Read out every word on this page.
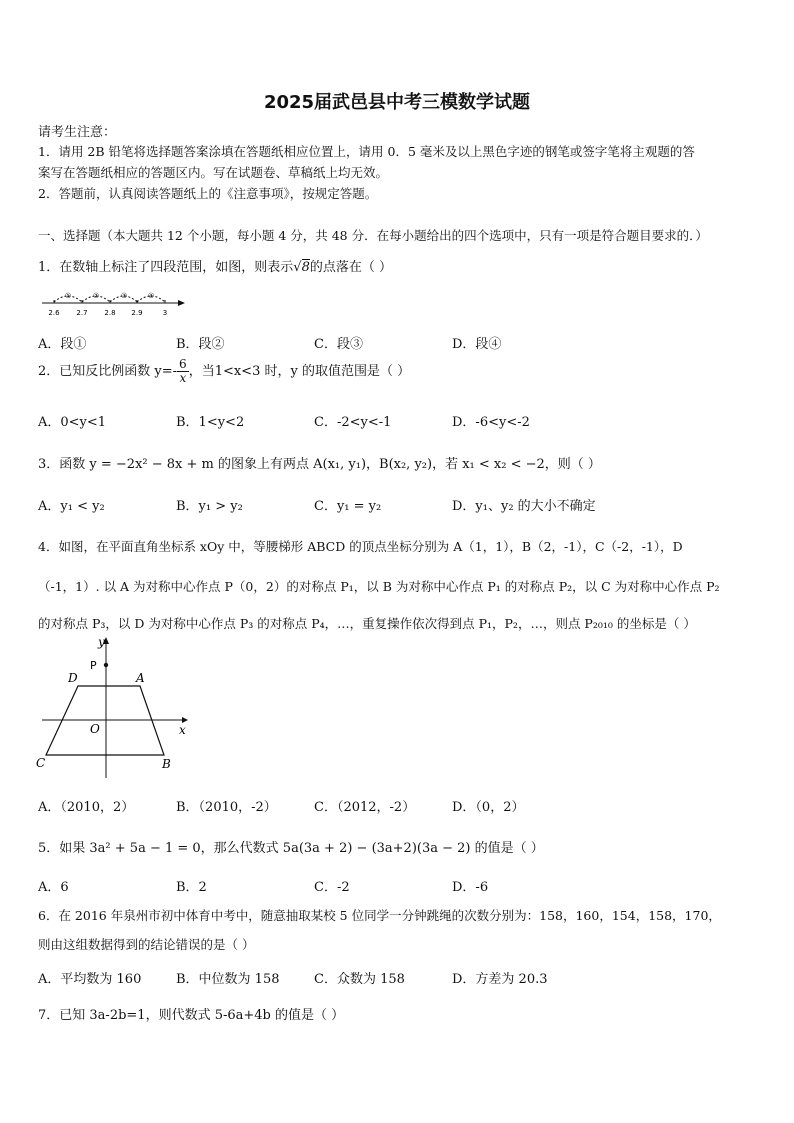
2025届武邑县中考三模数学试题
请考生注意：
1．请用 2B 铅笔将选择题答案涂填在答题纸相应位置上，请用 0．5 毫米及以上黑色字迹的钢笔或签字笔将主观题的答
案写在答题纸相应的答题区内。写在试题卷、草稿纸上均无效。
2．答题前，认真阅读答题纸上的《注意事项》，按规定答题。
一、选择题（本大题共 12 个小题，每小题 4 分，共 48 分．在每小题给出的四个选项中，只有一项是符合题目要求的．）
1．在数轴上标注了四段范围，如图，则表示√8的点落在（ ）
①	②	③	④
2.6 2.7 2.8 2.9	3
A．段①	B．段②	C．段③	D．段④
2．已知反比例函数 $y=- \frac{6}{x}$ ，当1<x<3 时，y 的取值范围是（ ）
A．0<y<1	B．1<y<2	C．-2<y<-1	D．-6<y<-2
3．函数 y = −2x² − 8x + m 的图象上有两点 A(x₁, y₁)，B(x₂, y₂)，若 x₁ < x₂ < −2，则（ ）
A．y₁ < y₂	B．y₁ > y₂	C．y₁ = y₂	D．y₁、y₂ 的大小不确定
4．如图，在平面直角坐标系 xOy 中，等腰梯形 ABCD 的顶点坐标分别为 A（1，1），B（2，-1），C（-2，-1），D
（-1，1）. 以 A 为对称中心作点 P（0，2）的对称点 P₁，以 B 为对称中心作点 P₁ 的对称点 P₂，以 C 为对称中心作点 P₂
的对称点 P₃，以 D 为对称中心作点 P₃ 的对称点 P₄，…，重复操作依次得到点 P₁，P₂，…，则点 P₂₀₁₀ 的坐标是（ ）
y
x
D	A
O
C	B
P
A．（2010，2）	B．（2010，-2）	C．（2012，-2）	D．（0，2）
5．如果 3a² + 5a − 1 = 0，那么代数式 5a(3a + 2) − (3a+2)(3a − 2) 的值是（ ）
A．6	B．2	C．-2	D．-6
6．在 2016 年泉州市初中体育中考中，随意抽取某校 5 位同学一分钟跳绳的次数分别为：158，160，154，158，170，
则由这组数据得到的结论错误的是（ ）
A．平均数为 160	B．中位数为 158	C．众数为 158	D．方差为 20.3
7．已知 3a-2b=1，则代数式 5-6a+4b 的值是（ ）
